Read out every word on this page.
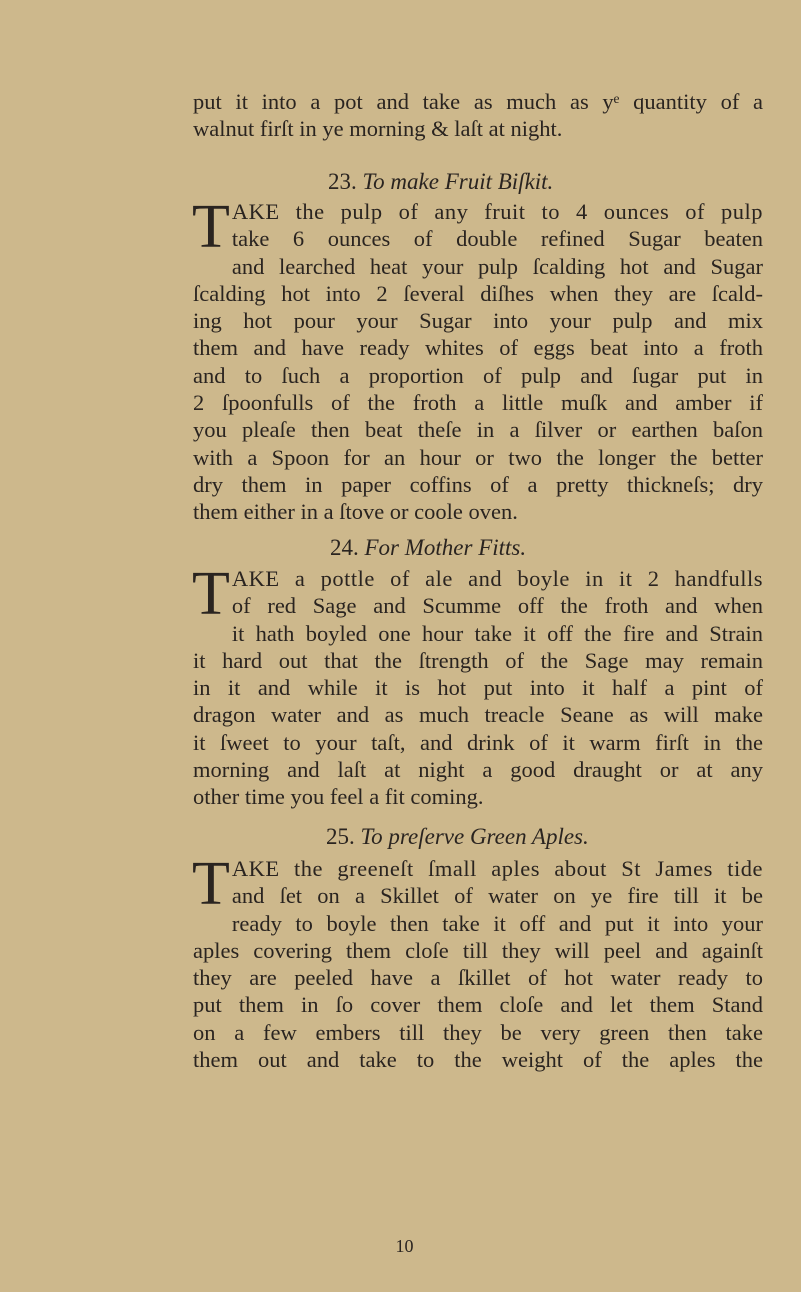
put it into a pot and take as much as yᵉ quantity of a
walnut firſt in ye morning & laſt at night.
23. To make Fruit Biſkit.
T AKE the pulp of any fruit to 4 ounces of pulp
take 6 ounces of double refined Sugar beaten
and learched heat your pulp ſcalding hot and Sugar
ſcalding hot into 2 ſeveral diſhes when they are ſcald-
ing hot pour your Sugar into your pulp and mix
them and have ready whites of eggs beat into a froth
and to ſuch a proportion of pulp and ſugar put in
2 ſpoonfulls of the froth a little muſk and amber if
you pleaſe then beat theſe in a ſilver or earthen baſon
with a Spoon for an hour or two the longer the better
dry them in paper coffins of a pretty thickneſs; dry
them either in a ſtove or coole oven.
24. For Mother Fitts.
T AKE a pottle of ale and boyle in it 2 handfulls
of red Sage and Scumme off the froth and when
it hath boyled one hour take it off the fire and Strain
it hard out that the ſtrength of the Sage may remain
in it and while it is hot put into it half a pint of
dragon water and as much treacle Seane as will make
it ſweet to your taſt, and drink of it warm firſt in the
morning and laſt at night a good draught or at any
other time you feel a fit coming.
25. To preſerve Green Aples.
T AKE the greeneſt ſmall aples about St James tide
and ſet on a Skillet of water on ye fire till it be
ready to boyle then take it off and put it into your
aples covering them cloſe till they will peel and againſt
they are peeled have a ſkillet of hot water ready to
put them in ſo cover them cloſe and let them Stand
on a few embers till they be very green then take
them out and take to the weight of the aples the
10
